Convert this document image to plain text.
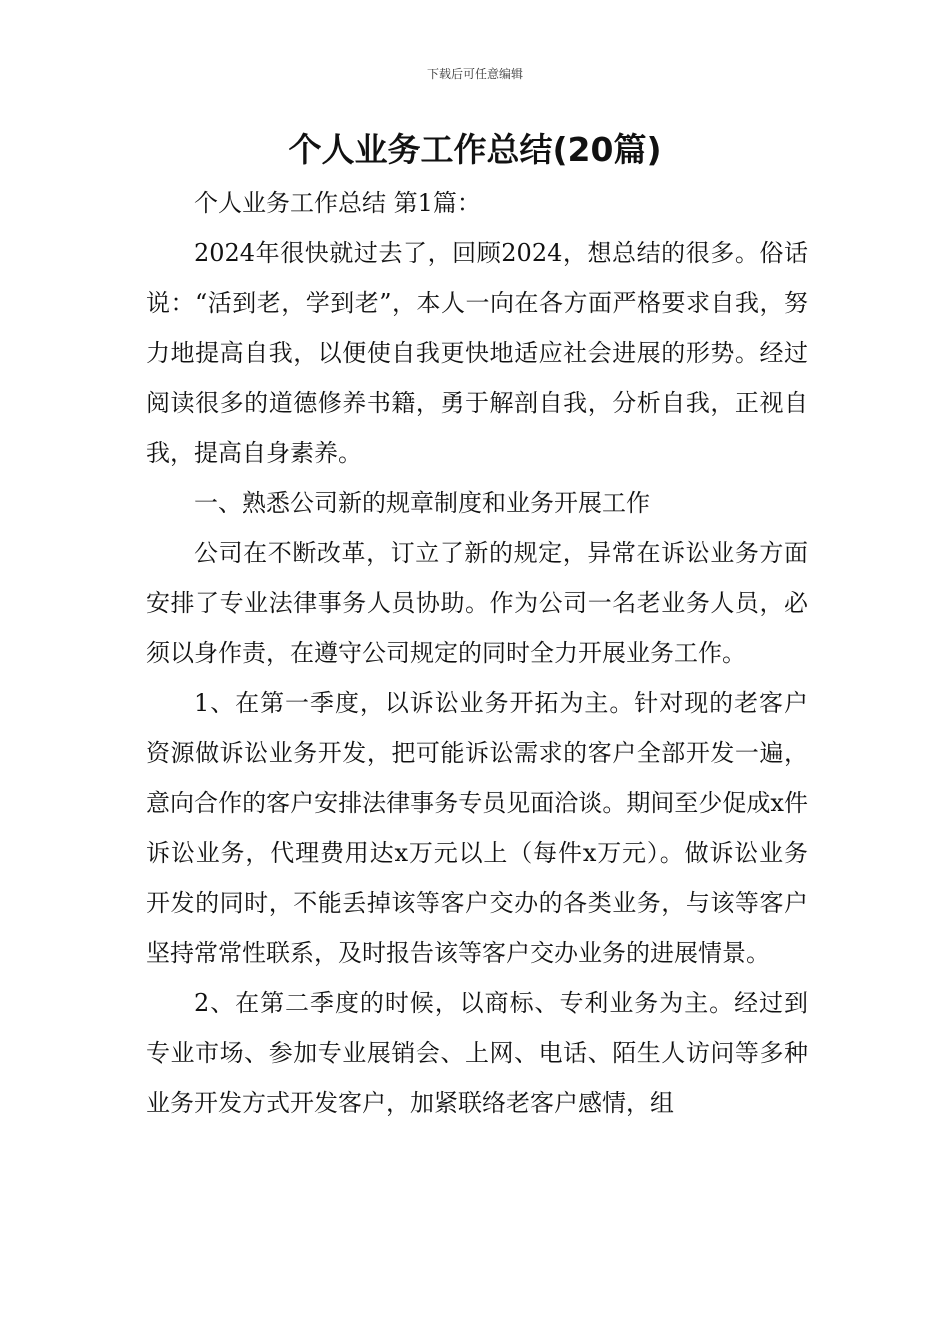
下载后可任意编辑
个人业务工作总结(20篇)

个人业务工作总结 第1篇：

2024年很快就过去了，回顾2024，想总结的很多。俗话说：“活到老，学到老”，本人一向在各方面严格要求自我，努力地提高自我，以便使自我更快地适应社会进展的形势。经过阅读很多的道德修养书籍，勇于解剖自我，分析自我，正视自我，提高自身素养。

一、熟悉公司新的规章制度和业务开展工作

公司在不断改革，订立了新的规定，异常在诉讼业务方面安排了专业法律事务人员协助。作为公司一名老业务人员，必须以身作责，在遵守公司规定的同时全力开展业务工作。

1、在第一季度，以诉讼业务开拓为主。针对现的老客户资源做诉讼业务开发，把可能诉讼需求的客户全部开发一遍，意向合作的客户安排法律事务专员见面洽谈。期间至少促成x件诉讼业务，代理费用达x万元以上（每件x万元）。做诉讼业务开发的同时，不能丢掉该等客户交办的各类业务，与该等客户坚持常常性联系，及时报告该等客户交办业务的进展情景。

2、在第二季度的时候，以商标、专利业务为主。经过到专业市场、参加专业展销会、上网、电话、陌生人访问等多种业务开发方式开发客户，加紧联络老客户感情，组
